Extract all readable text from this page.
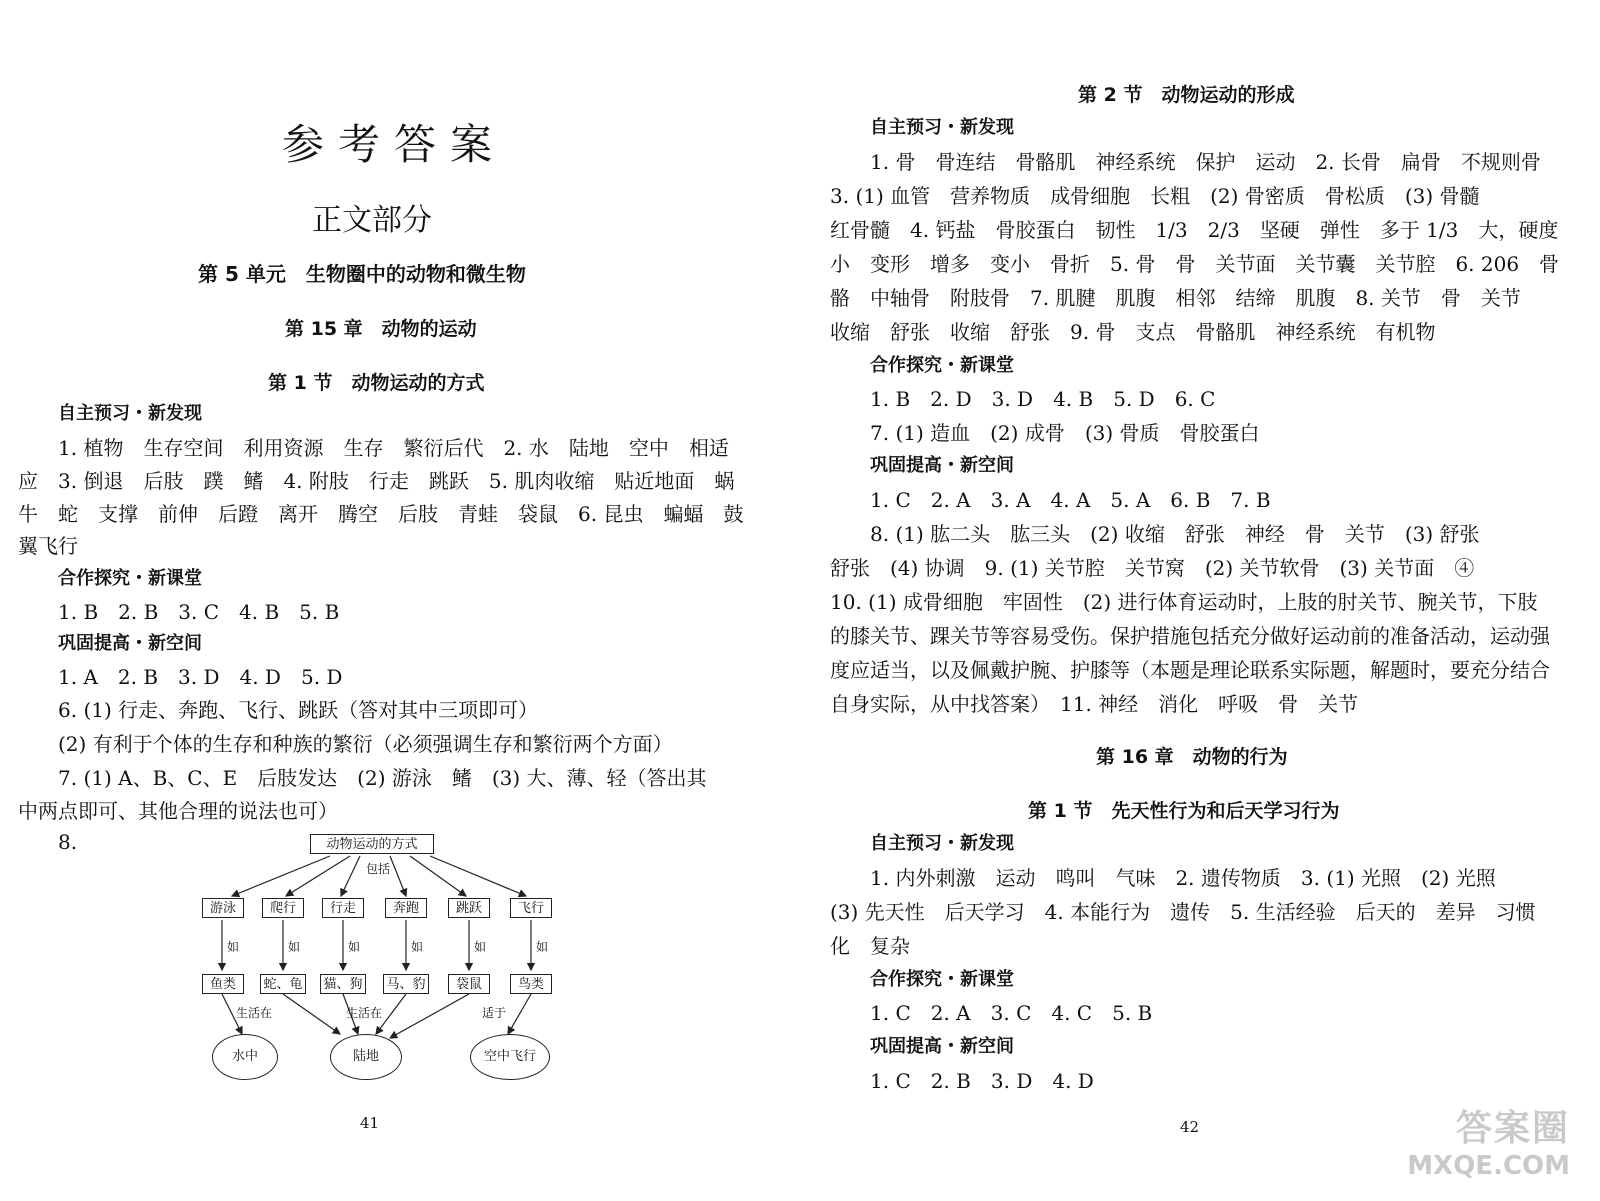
参考答案
正文部分
第 5 单元　生物圈中的动物和微生物
第 15 章　动物的运动
第 1 节　动物运动的方式
自主预习・新发现
1. 植物　生存空间　利用资源　生存　繁衍后代　2. 水　陆地　空中　相适
应　3. 倒退　后肢　蹼　鳍　4. 附肢　行走　跳跃　5. 肌肉收缩　贴近地面　蜗
牛　蛇　支撑　前伸　后蹬　离开　腾空　后肢　青蛙　袋鼠　6. 昆虫　蝙蝠　鼓
翼飞行
合作探究・新课堂
1. B　2. B　3. C　4. B　5. B
巩固提高・新空间
1. A　2. B　3. D　4. D　5. D
6. (1) 行走、奔跑、飞行、跳跃（答对其中三项即可）
(2) 有利于个体的生存和种族的繁衍（必须强调生存和繁衍两个方面）
7. (1) A、B、C、E　后肢发达　(2) 游泳　鳍　(3) 大、薄、轻（答出其
中两点即可、其他合理的说法也可）
8.	动物运动的方式
包括
游泳	爬行	行走	奔跑	跳跃	飞行
如	如	如	如	如	如
鱼类	蛇、龟 猫、狗 马、豹	袋鼠	鸟类
生活在	生活在	适于
水中	陆地	空中飞行
41
第 2 节　动物运动的形成
自主预习・新发现
1. 骨　骨连结　骨骼肌　神经系统　保护　运动　2. 长骨　扁骨　不规则骨
3. (1) 血管　营养物质　成骨细胞　长粗　(2) 骨密质　骨松质　(3) 骨髓
红骨髓　4. 钙盐　骨胶蛋白　韧性　1/3　2/3　坚硬　弹性　多于 1/3　大，硬度
小　变形　增多　变小　骨折　5. 骨　骨　关节面　关节囊　关节腔　6. 206　骨
骼　中轴骨　附肢骨　7. 肌腱　肌腹　相邻　结缔　肌腹　8. 关节　骨　关节
收缩　舒张　收缩　舒张　9. 骨　支点　骨骼肌　神经系统　有机物
合作探究・新课堂
1. B　2. D　3. D　4. B　5. D　6. C
7. (1) 造血　(2) 成骨　(3) 骨质　骨胶蛋白
巩固提高・新空间
1. C　2. A　3. A　4. A　5. A　6. B　7. B
8. (1) 肱二头　肱三头　(2) 收缩　舒张　神经　骨　关节　(3) 舒张
舒张　(4) 协调　9. (1) 关节腔　关节窝　(2) 关节软骨　(3) 关节面　④
10. (1) 成骨细胞　牢固性　(2) 进行体育运动时，上肢的肘关节、腕关节，下肢
的膝关节、踝关节等容易受伤。保护措施包括充分做好运动前的准备活动，运动强
度应适当，以及佩戴护腕、护膝等（本题是理论联系实际题，解题时，要充分结合
自身实际，从中找答案）　11. 神经　消化　呼吸　骨　关节
第 16 章　动物的行为
第 1 节　先天性行为和后天学习行为
自主预习・新发现
1. 内外刺激　运动　鸣叫　气味　2. 遗传物质　3. (1) 光照　(2) 光照
(3) 先天性　后天学习　4. 本能行为　遗传　5. 生活经验　后天的　差异　习惯
化　复杂
合作探究・新课堂
1. C　2. A　3. C　4. C　5. B
巩固提高・新空间
1. C　2. B　3. D　4. D
42	答案圈
MXQE.COM
